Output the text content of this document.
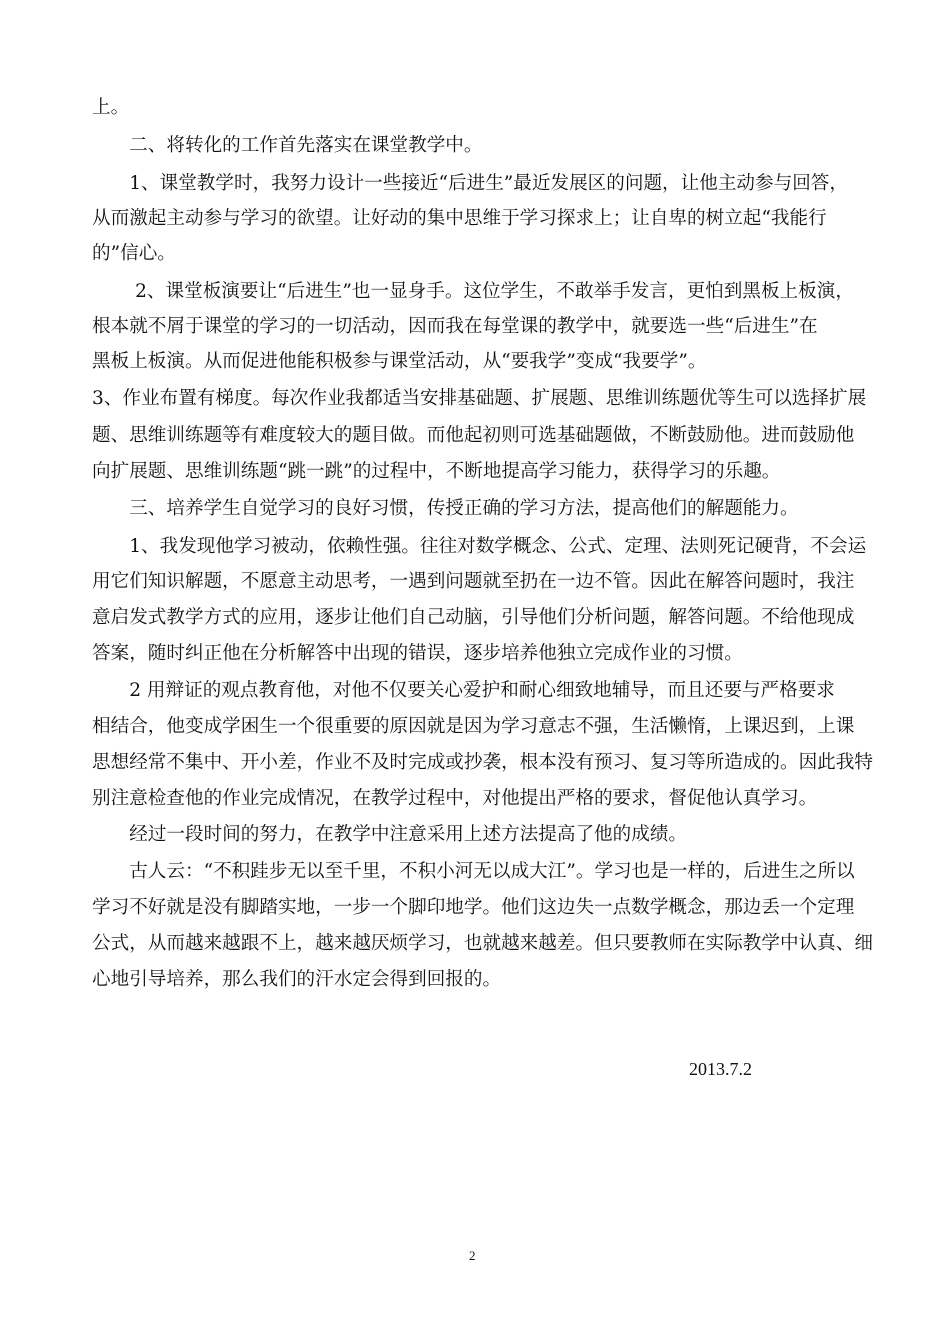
上。
　　二、将转化的工作首先落实在课堂教学中。
　　1、课堂教学时，我努力设计一些接近“后进生”最近发展区的问题，让他主动参与回答，
从而激起主动参与学习的欲望。让好动的集中思维于学习探求上；让自卑的树立起“我能行
的”信心。
　　 2、课堂板演要让“后进生”也一显身手。这位学生，不敢举手发言，更怕到黑板上板演，
根本就不屑于课堂的学习的一切活动，因而我在每堂课的教学中，就要选一些“后进生”在
黑板上板演。从而促进他能积极参与课堂活动，从“要我学”变成“我要学”。
3、作业布置有梯度。每次作业我都适当安排基础题、扩展题、思维训练题优等生可以选择扩展
题、思维训练题等有难度较大的题目做。而他起初则可选基础题做，不断鼓励他。进而鼓励他
向扩展题、思维训练题“跳一跳”的过程中，不断地提高学习能力，获得学习的乐趣。
　　三、培养学生自觉学习的良好习惯，传授正确的学习方法，提高他们的解题能力。
　　1、我发现他学习被动，依赖性强。往往对数学概念、公式、定理、法则死记硬背，不会运
用它们知识解题，不愿意主动思考，一遇到问题就至扔在一边不管。因此在解答问题时，我注
意启发式教学方式的应用，逐步让他们自己动脑，引导他们分析问题，解答问题。不给他现成
答案，随时纠正他在分析解答中出现的错误，逐步培养他独立完成作业的习惯。
　　2 用辩证的观点教育他，对他不仅要关心爱护和耐心细致地辅导，而且还要与严格要求
相结合，他变成学困生一个很重要的原因就是因为学习意志不强，生活懒惰，上课迟到，上课
思想经常不集中、开小差，作业不及时完成或抄袭，根本没有预习、复习等所造成的。因此我特
别注意检查他的作业完成情况，在教学过程中，对他提出严格的要求，督促他认真学习。
　　经过一段时间的努力，在教学中注意采用上述方法提高了他的成绩。
　　古人云：“不积跬步无以至千里，不积小河无以成大江”。学习也是一样的，后进生之所以
学习不好就是没有脚踏实地，一步一个脚印地学。他们这边失一点数学概念，那边丢一个定理
公式，从而越来越跟不上，越来越厌烦学习，也就越来越差。但只要教师在实际教学中认真、细
心地引导培养，那么我们的汗水定会得到回报的。
2013.7.2
2
